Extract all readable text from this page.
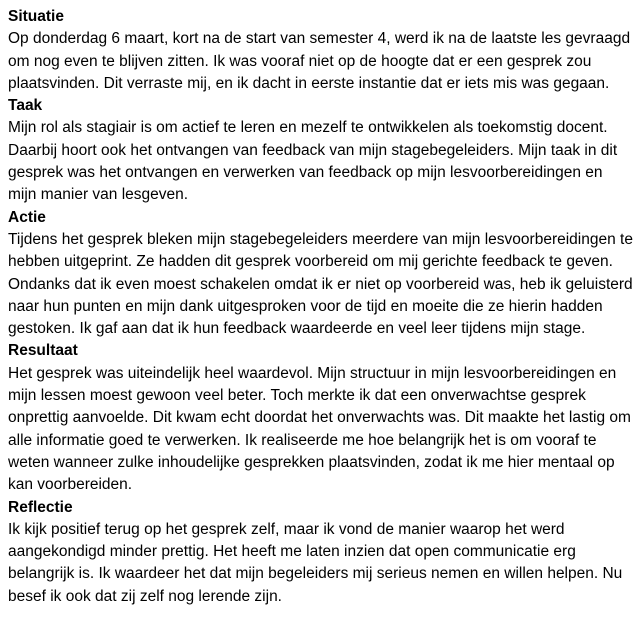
Situatie

Op donderdag 6 maart, kort na de start van semester 4, werd ik na de laatste les gevraagd om nog even te blijven zitten. Ik was vooraf niet op de hoogte dat er een gesprek zou plaatsvinden. Dit verraste mij, en ik dacht in eerste instantie dat er iets mis was gegaan.

Taak

Mijn rol als stagiair is om actief te leren en mezelf te ontwikkelen als toekomstig docent. Daarbij hoort ook het ontvangen van feedback van mijn stagebegeleiders. Mijn taak in dit gesprek was het ontvangen en verwerken van feedback op mijn lesvoorbereidingen en mijn manier van lesgeven.

Actie

Tijdens het gesprek bleken mijn stagebegeleiders meerdere van mijn lesvoorbereidingen te hebben uitgeprint. Ze hadden dit gesprek voorbereid om mij gerichte feedback te geven. Ondanks dat ik even moest schakelen omdat ik er niet op voorbereid was, heb ik geluisterd naar hun punten en mijn dank uitgesproken voor de tijd en moeite die ze hierin hadden gestoken. Ik gaf aan dat ik hun feedback waardeerde en veel leer tijdens mijn stage.

Resultaat

Het gesprek was uiteindelijk heel waardevol. Mijn structuur in mijn lesvoorbereidingen en mijn lessen moest gewoon veel beter. Toch merkte ik dat een onverwachtse gesprek onprettig aanvoelde. Dit kwam echt doordat het onverwachts was. Dit maakte het lastig om alle informatie goed te verwerken. Ik realiseerde me hoe belangrijk het is om vooraf te weten wanneer zulke inhoudelijke gesprekken plaatsvinden, zodat ik me hier mentaal op kan voorbereiden.

Reflectie

Ik kijk positief terug op het gesprek zelf, maar ik vond de manier waarop het werd aangekondigd minder prettig. Het heeft me laten inzien dat open communicatie erg belangrijk is. Ik waardeer het dat mijn begeleiders mij serieus nemen en willen helpen. Nu besef ik ook dat zij zelf nog lerende zijn.
